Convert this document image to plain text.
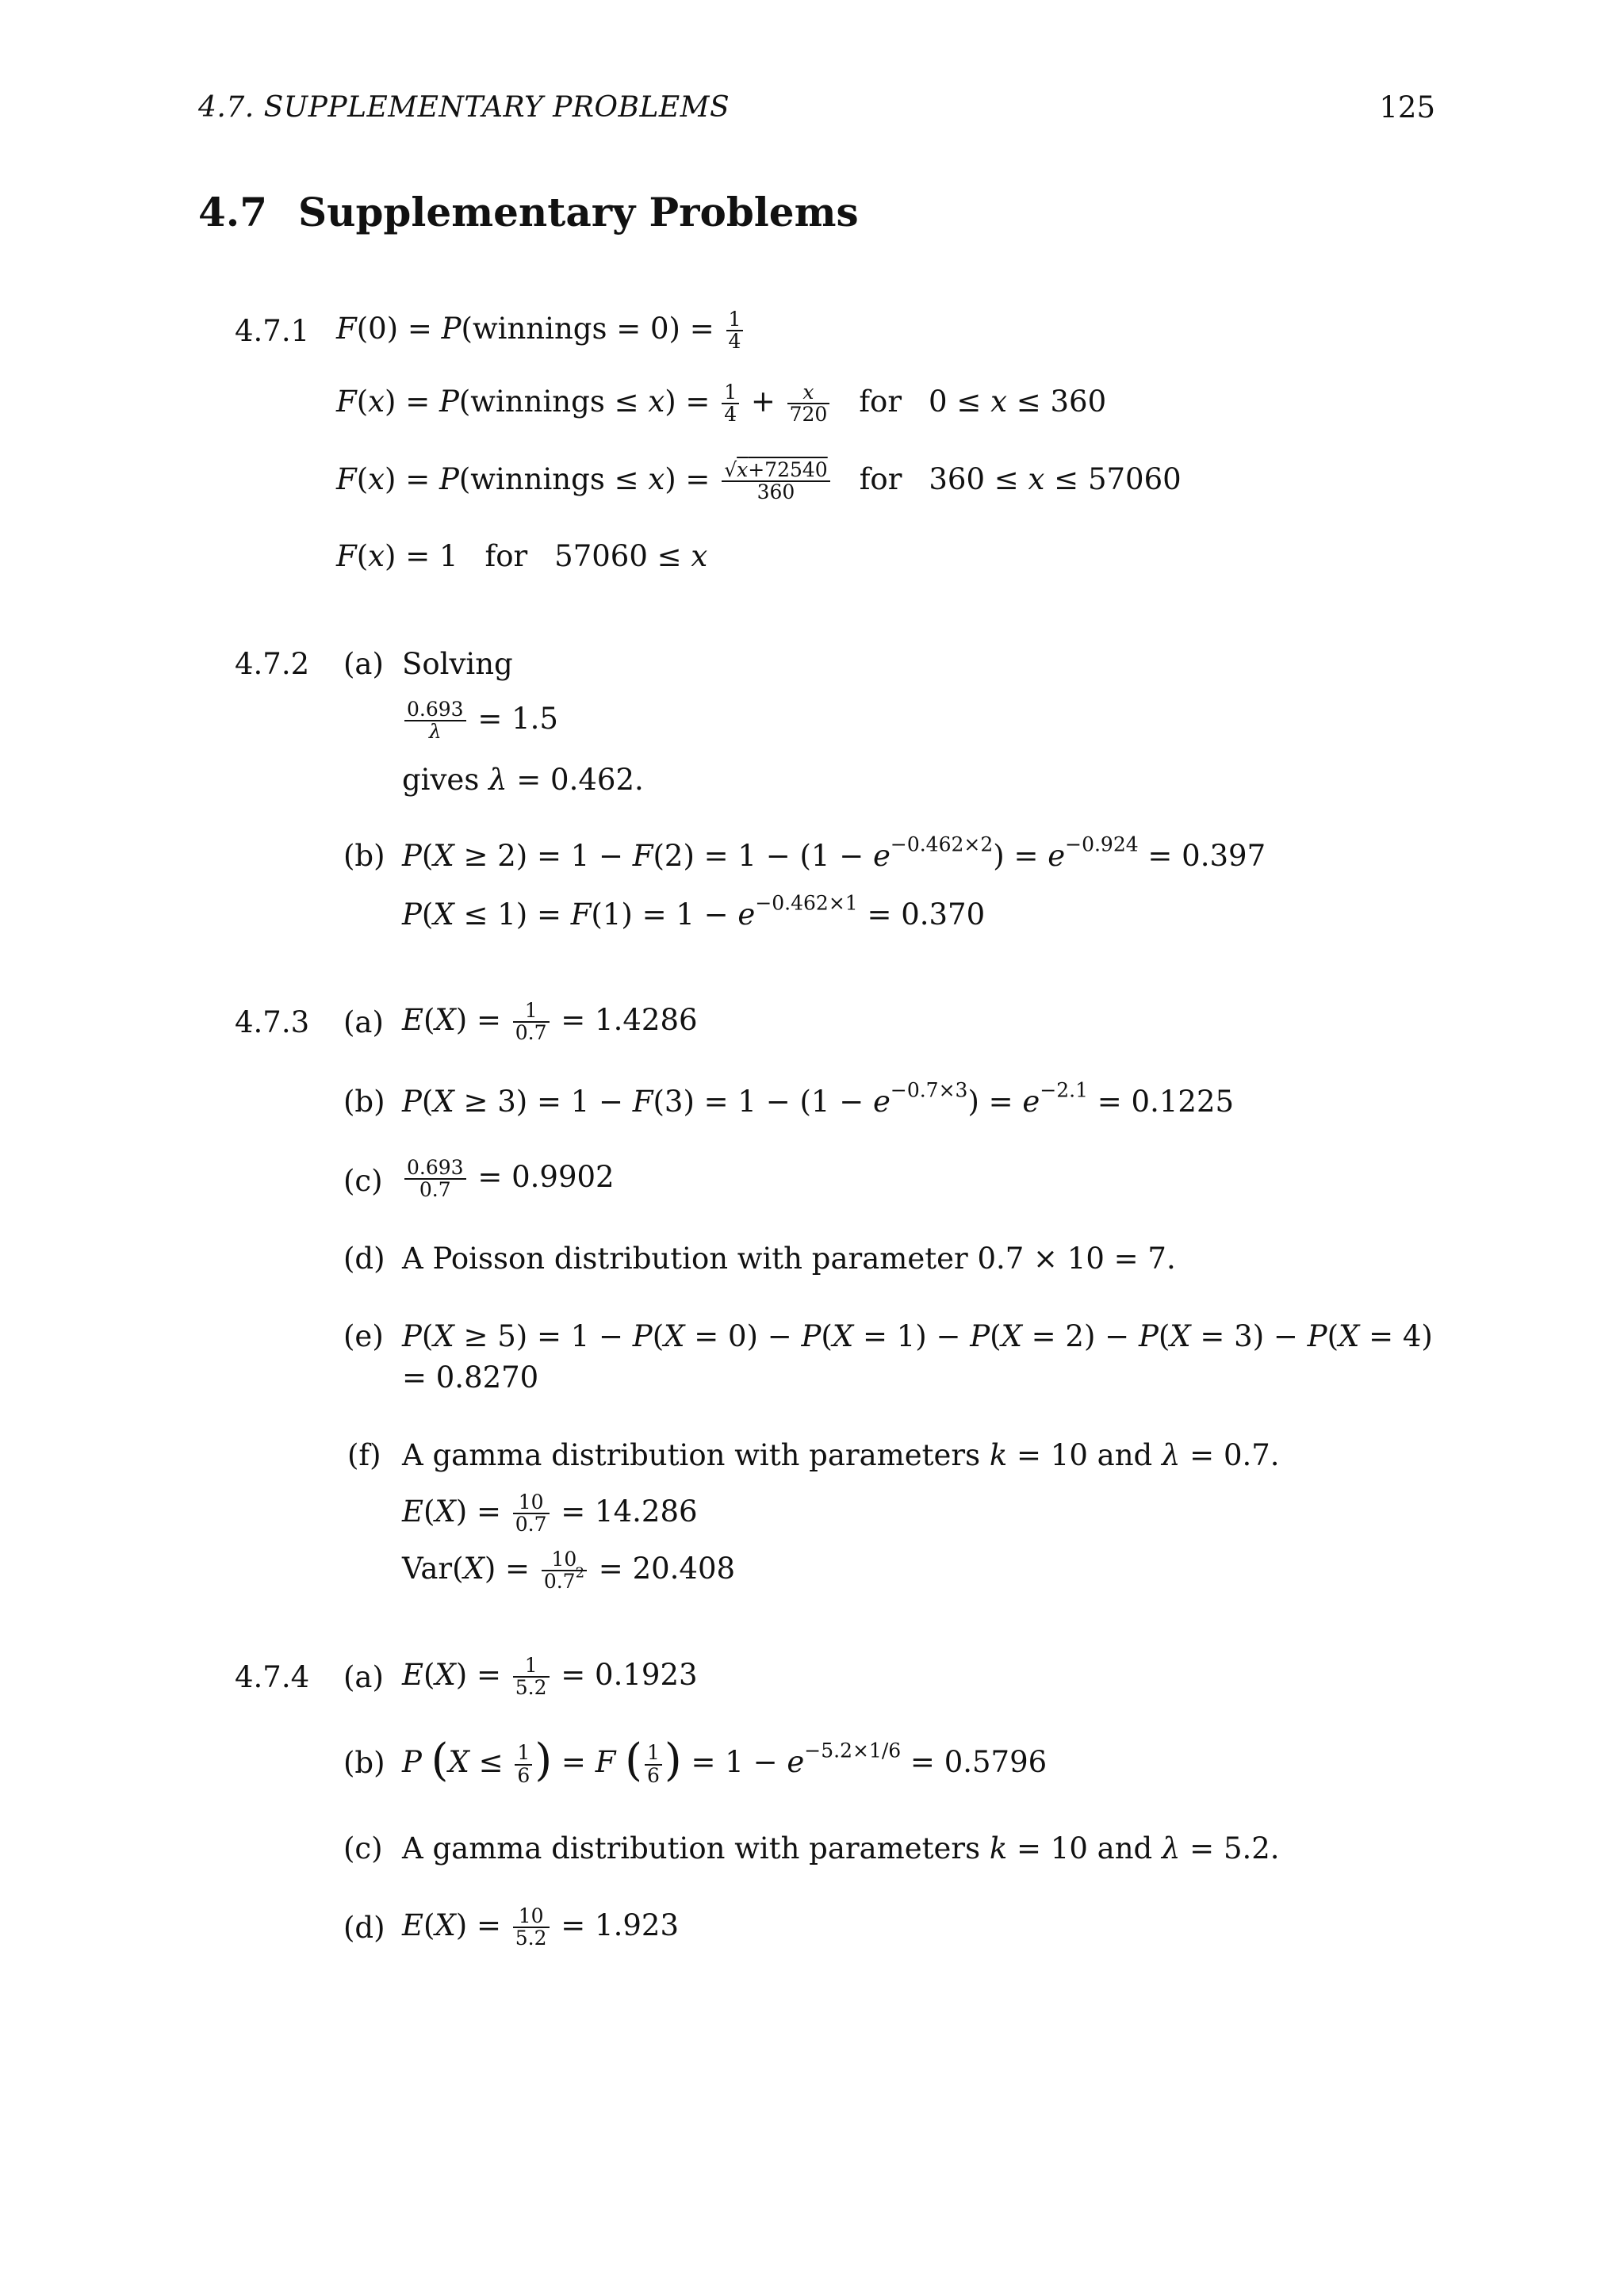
4.7. SUPPLEMENTARY PROBLEMS	125
4.7 Supplementary Problems
4.7.1 F(0) = P(winnings = $0) = \frac{1}{4}$
F(x) = P(winnings ≤ $x) = \frac{1}{4} + \frac{x}{720}$ for 0 ≤ x ≤ 360
F(x) = P(winnings ≤ $x) = \frac{√x+72540}{360}$ for 360 ≤ x ≤ 57060
F(x) = 1 for 57060 ≤ x
4.7.2 (a) Solving
$\frac{0.693}{\lambda} = 1.5$
gives λ = 0.462.
(b) $P(X \ge 2) = 1 - F(2) = 1 - (1 - e^{-0.462\times 2}) = e^{-0.924} = 0.397$
$P(X \le 1) = F(1) = 1 - e^{-0.462\times 1} = 0.370$
4.7.3 (a) $E(X) = \frac{1}{0.7} = 1.4286$
(b) $P(X \ge 3) = 1 - F(3) = 1 - (1 - e^{-0.7\times 3}) = e^{-2.1} = 0.1225$
$(c) \frac{0.693}{0.7} = 0.9902$
(d) A Poisson distribution with parameter 0.7 × 10 = 7.
(e) P(X ≥ 5) = 1 − P(X = 0) − P(X = 1) − P(X = 2) − P(X = 3) − P(X = 4)
= 0.8270
(f) A gamma distribution with parameters k = 10 and λ = 0.7.
$E(X) = \frac{10}{0.7} = 14.286$
$Var(X) = \frac{10}{0.7^2} = 20.408$
4.7.4 (a) $E(X) = \frac{1}{5.2} = 0.1923$
(b) P ($X \le \frac{1}{6}$ ) = F ( $\frac{1}{6}$ ) = $1 - e^{-5.2\times 1/6} = 0.5796$
(c) A gamma distribution with parameters k = 10 and λ = 5.2.
(d) $E(X) = \frac{10}{5.2} = 1.923$
